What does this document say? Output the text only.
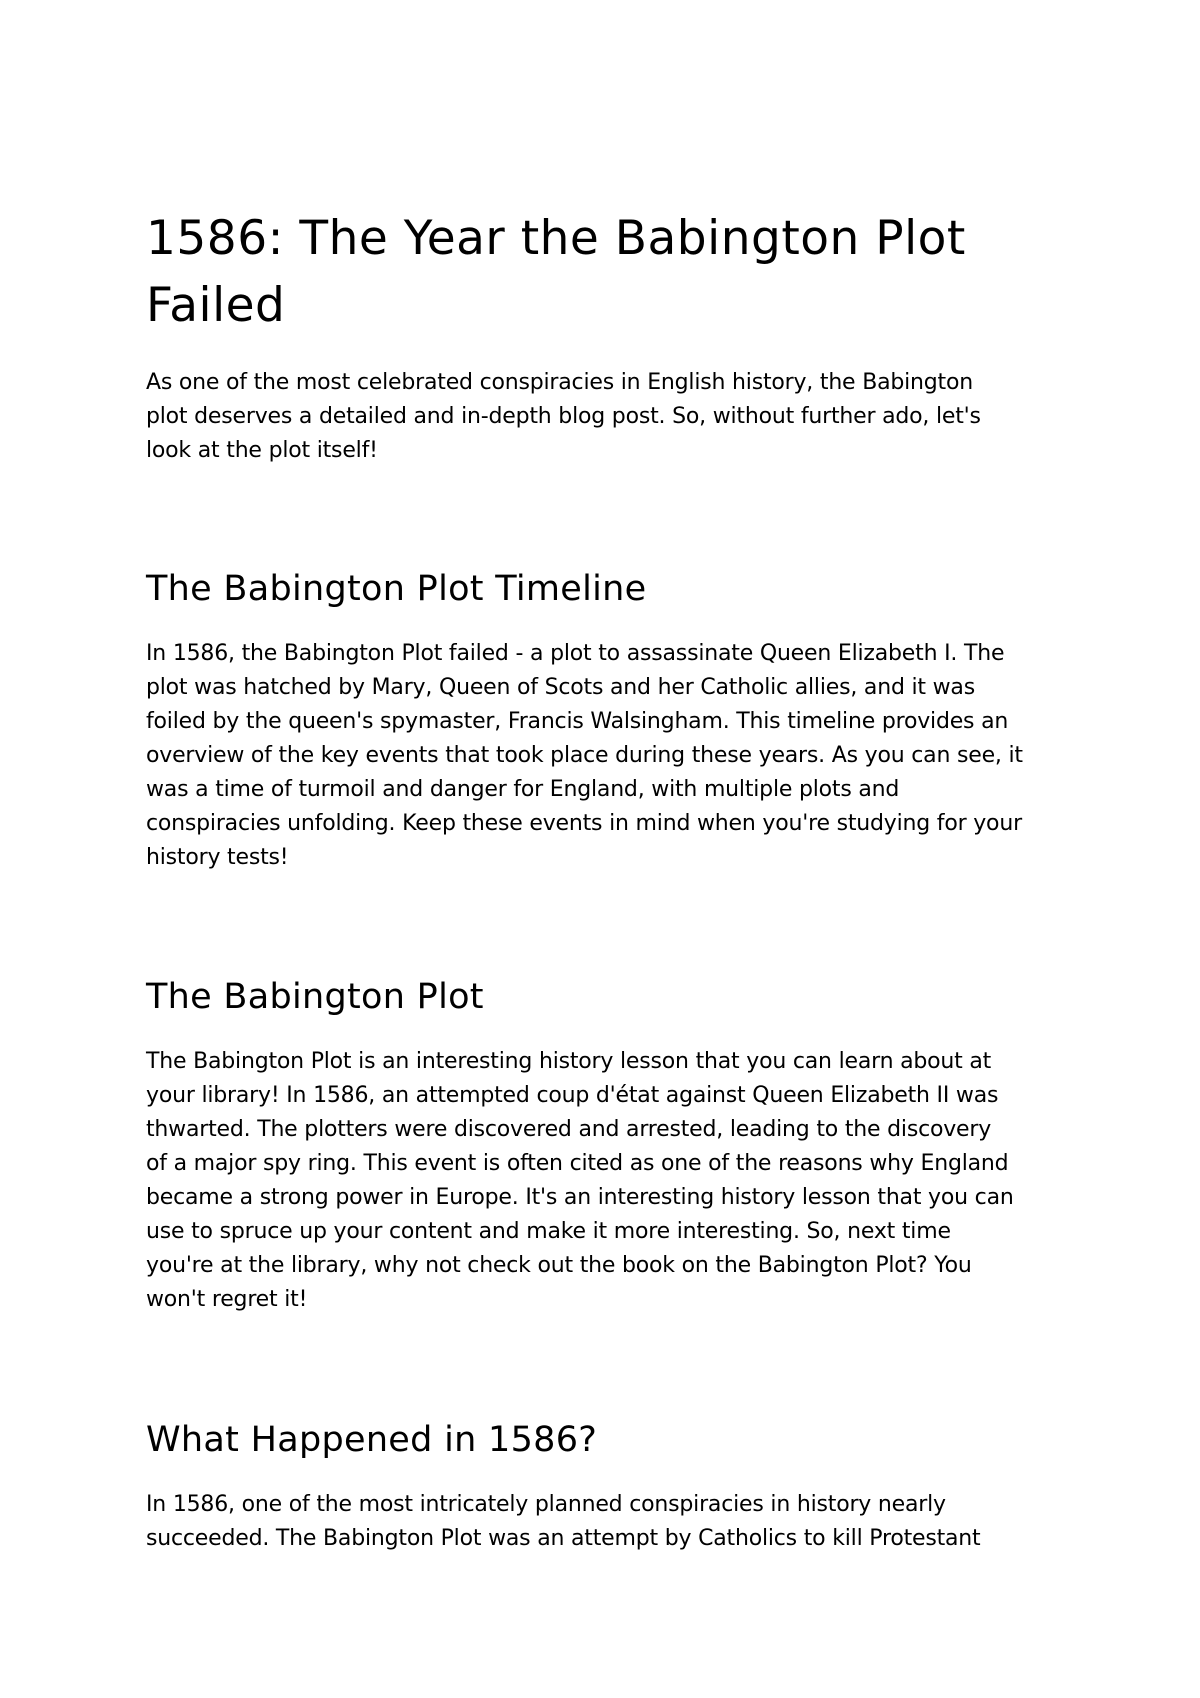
1586: The Year the Babington Plot
Failed

As one of the most celebrated conspiracies in English history, the Babington
plot deserves a detailed and in-depth blog post. So, without further ado, let's
look at the plot itself!

The Babington Plot Timeline

In 1586, the Babington Plot failed - a plot to assassinate Queen Elizabeth I. The
plot was hatched by Mary, Queen of Scots and her Catholic allies, and it was
foiled by the queen's spymaster, Francis Walsingham. This timeline provides an
overview of the key events that took place during these years. As you can see, it
was a time of turmoil and danger for England, with multiple plots and
conspiracies unfolding. Keep these events in mind when you're studying for your
history tests!

The Babington Plot

The Babington Plot is an interesting history lesson that you can learn about at
your library! In 1586, an attempted coup d'état against Queen Elizabeth II was
thwarted. The plotters were discovered and arrested, leading to the discovery
of a major spy ring. This event is often cited as one of the reasons why England
became a strong power in Europe. It's an interesting history lesson that you can
use to spruce up your content and make it more interesting. So, next time
you're at the library, why not check out the book on the Babington Plot? You
won't regret it!

What Happened in 1586?

In 1586, one of the most intricately planned conspiracies in history nearly
succeeded. The Babington Plot was an attempt by Catholics to kill Protestant
